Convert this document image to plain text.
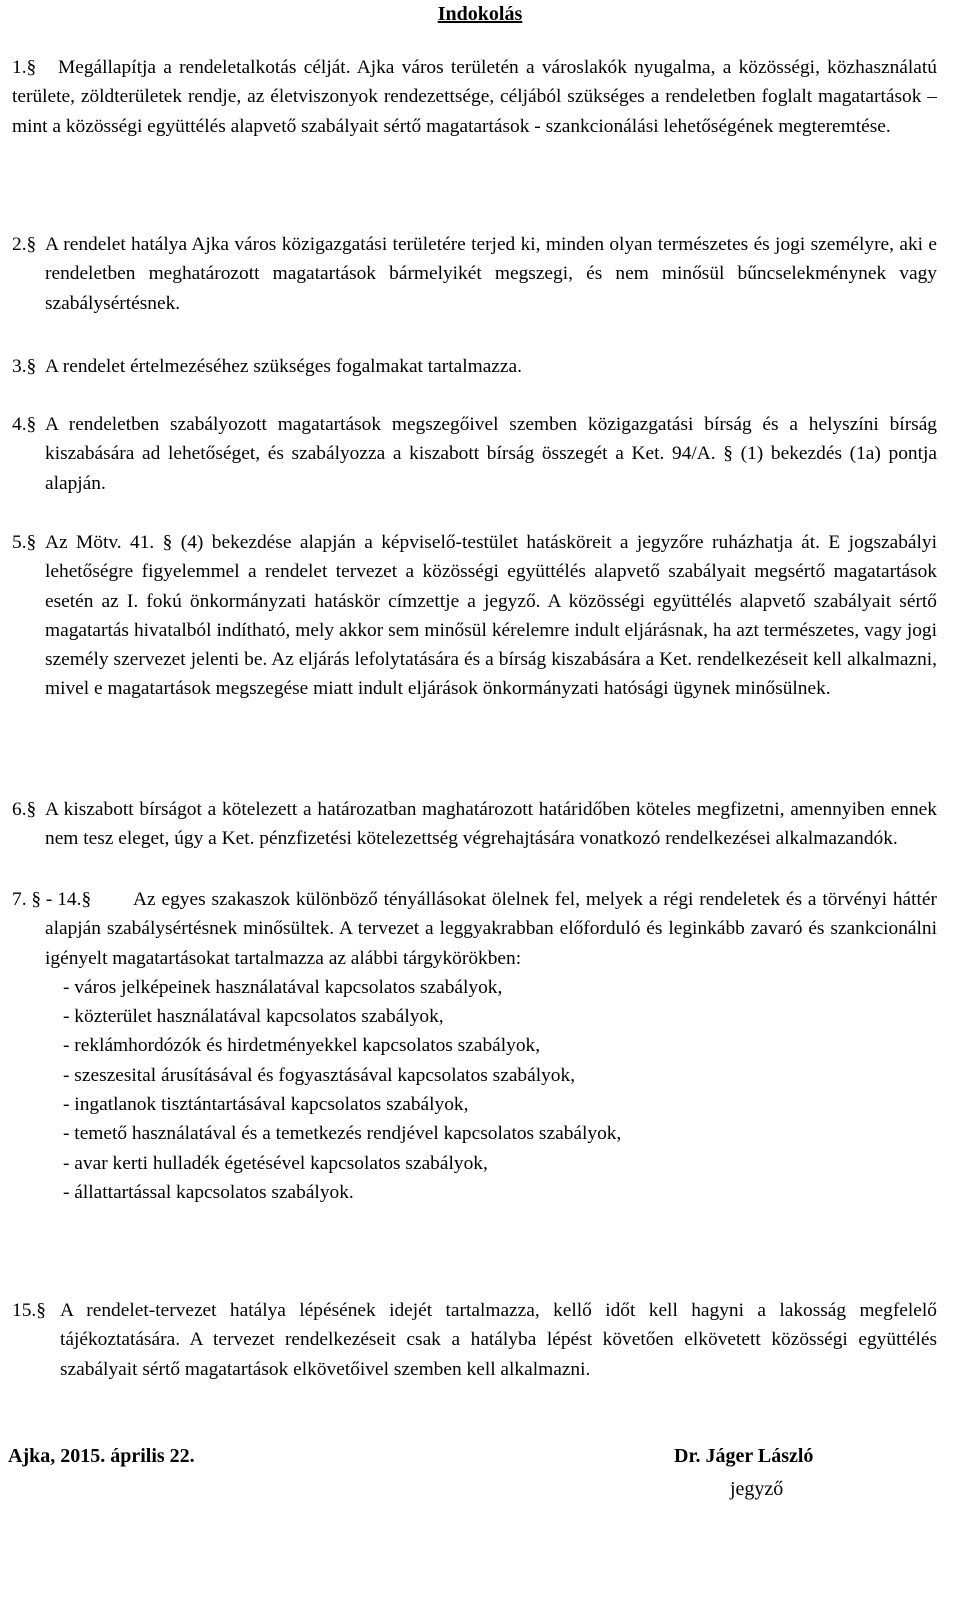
Indokolás
1.§	Megállapítja a rendeletalkotás célját. Ajka város területén a városlakók nyugalma, a közösségi, közhasználatú területe, zöldterületek rendje, az életviszonyok rendezettsége, céljából szükséges a rendeletben foglalt magatartások – mint a közösségi együttélés alapvető szabályait sértő magatartások - szankcionálási lehetőségének megteremtése.
2.§ A rendelet hatálya Ajka város közigazgatási területére terjed ki, minden olyan természetes és jogi személyre, aki e rendeletben meghatározott magatartások bármelyikét megszegi, és nem minősül bűncselekménynek vagy szabálysértésnek.
3.§ A rendelet értelmezéséhez szükséges fogalmakat tartalmazza.
4.§ A rendeletben szabályozott magatartások megszegőivel szemben közigazgatási bírság és a helyszíni bírság kiszabására ad lehetőséget, és szabályozza a kiszabott bírság összegét a Ket. 94/A. § (1) bekezdés (1a) pontja alapján.
5.§ Az Mötv. 41. § (4) bekezdése alapján a képviselő-testület hatásköreit a jegyzőre ruházhatja át. E jogszabályi lehetőségre figyelemmel a rendelet tervezet a közösségi együttélés alapvető szabályait megsértő magatartások esetén az I. fokú önkormányzati hatáskör címzettje a jegyző. A közösségi együttélés alapvető szabályait sértő magatartás hivatalból indítható, mely akkor sem minősül kérelemre indult eljárásnak, ha azt természetes, vagy jogi személy szervezet jelenti be. Az eljárás lefolytatására és a bírság kiszabására a Ket. rendelkezéseit kell alkalmazni, mivel e magatartások megszegése miatt indult eljárások önkormányzati hatósági ügynek minősülnek.
6.§ A kiszabott bírságot a kötelezett a határozatban maghatározott határidőben köteles megfizetni, amennyiben ennek nem tesz eleget, úgy a Ket. pénzfizetési kötelezettség végrehajtására vonatkozó rendelkezései alkalmazandók.
7. § - 14.§	Az egyes szakaszok különböző tényállásokat ölelnek fel, melyek a régi rendeletek és a törvényi háttér alapján szabálysértésnek minősültek. A tervezet a leggyakrabban előforduló és leginkább zavaró és szankcionálni igényelt magatartásokat tartalmazza az alábbi tárgykörökben:
- város jelképeinek használatával kapcsolatos szabályok,
- közterület használatával kapcsolatos szabályok,
- reklámhordózók és hirdetményekkel kapcsolatos szabályok,
- szeszesital árusításával és fogyasztásával kapcsolatos szabályok,
- ingatlanok tisztántartásával kapcsolatos szabályok,
- temető használatával és a temetkezés rendjével kapcsolatos szabályok,
- avar kerti hulladék égetésével kapcsolatos szabályok,
- állattartással kapcsolatos szabályok.
15.§ A rendelet-tervezet hatálya lépésének idejét tartalmazza, kellő időt kell hagyni a lakosság megfelelő tájékoztatására. A tervezet rendelkezéseit csak a hatályba lépést követően elkövetett közösségi együttélés szabályait sértő magatartások elkövetőivel szemben kell alkalmazni.
Ajka, 2015. április 22.	Dr. Jáger László
jegyző
